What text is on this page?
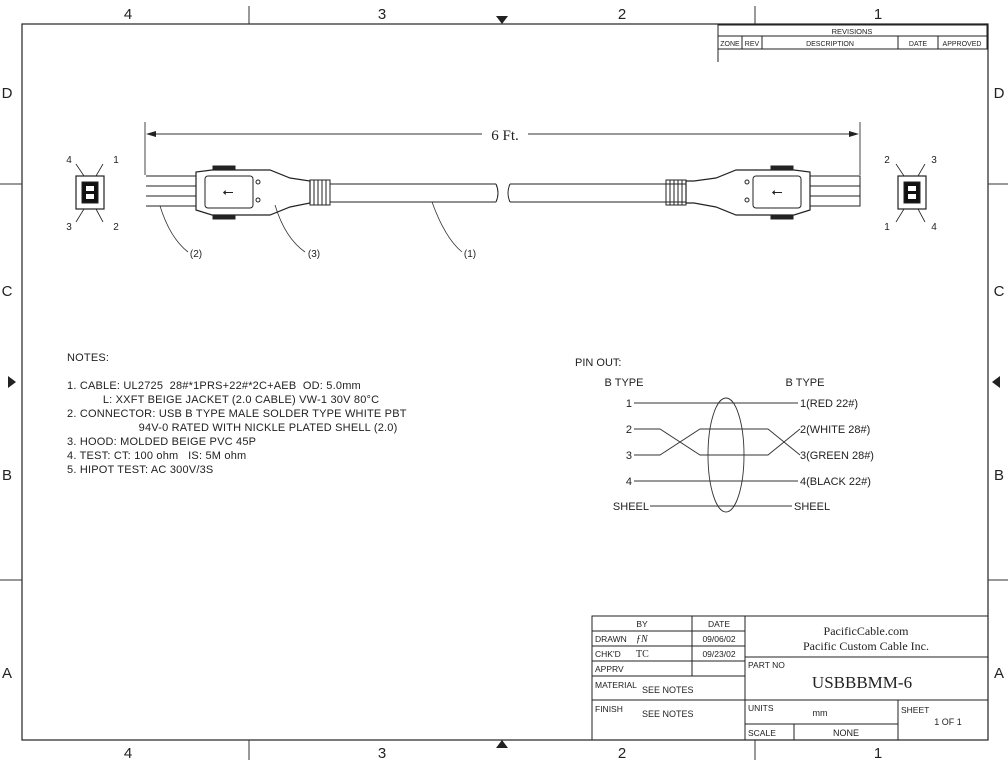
4	3	2	1
4	3	2	1
D
C
B
A
D
C
B
A
REVISIONS
ZONE REV	DESCRIPTION	DATE APPROVED
6 Ft.
4	1
3	2
2	3
1	4
⭠	⭠
(2)	(3)	(1)
PIN OUT:
B TYPE	B TYPE
1
2
3
4
SHEEL
1(RED 22#)
2(WHITE 28#)
3(GREEN 28#)
4(BLACK 22#)
SHEEL
BY	DATE
DRAWN ƒN	09/06/02
CHK'D TC	09/23/02
APPRV
MATERIAL SEE NOTES
FINISH SEE NOTES
PacificCable.com
Pacific Custom Cable Inc.
PART NO
USBBBMM-6
UNITS	mm	SHEET
1 OF 1
SCALE	NONE
NOTES:
1. CABLE: UL2725  28#*1PRS+22#*2C+AEB  OD: 5.0mm
L: XXFT BEIGE JACKET (2.0 CABLE) VW-1 30V 80°C
2. CONNECTOR: USB B TYPE MALE SOLDER TYPE WHITE PBT
94V-0 RATED WITH NICKLE PLATED SHELL (2.0)
3. HOOD: MOLDED BEIGE PVC 45P
4. TEST: CT: 100 ohm   IS: 5M ohm
5. HIPOT TEST: AC 300V/3S
